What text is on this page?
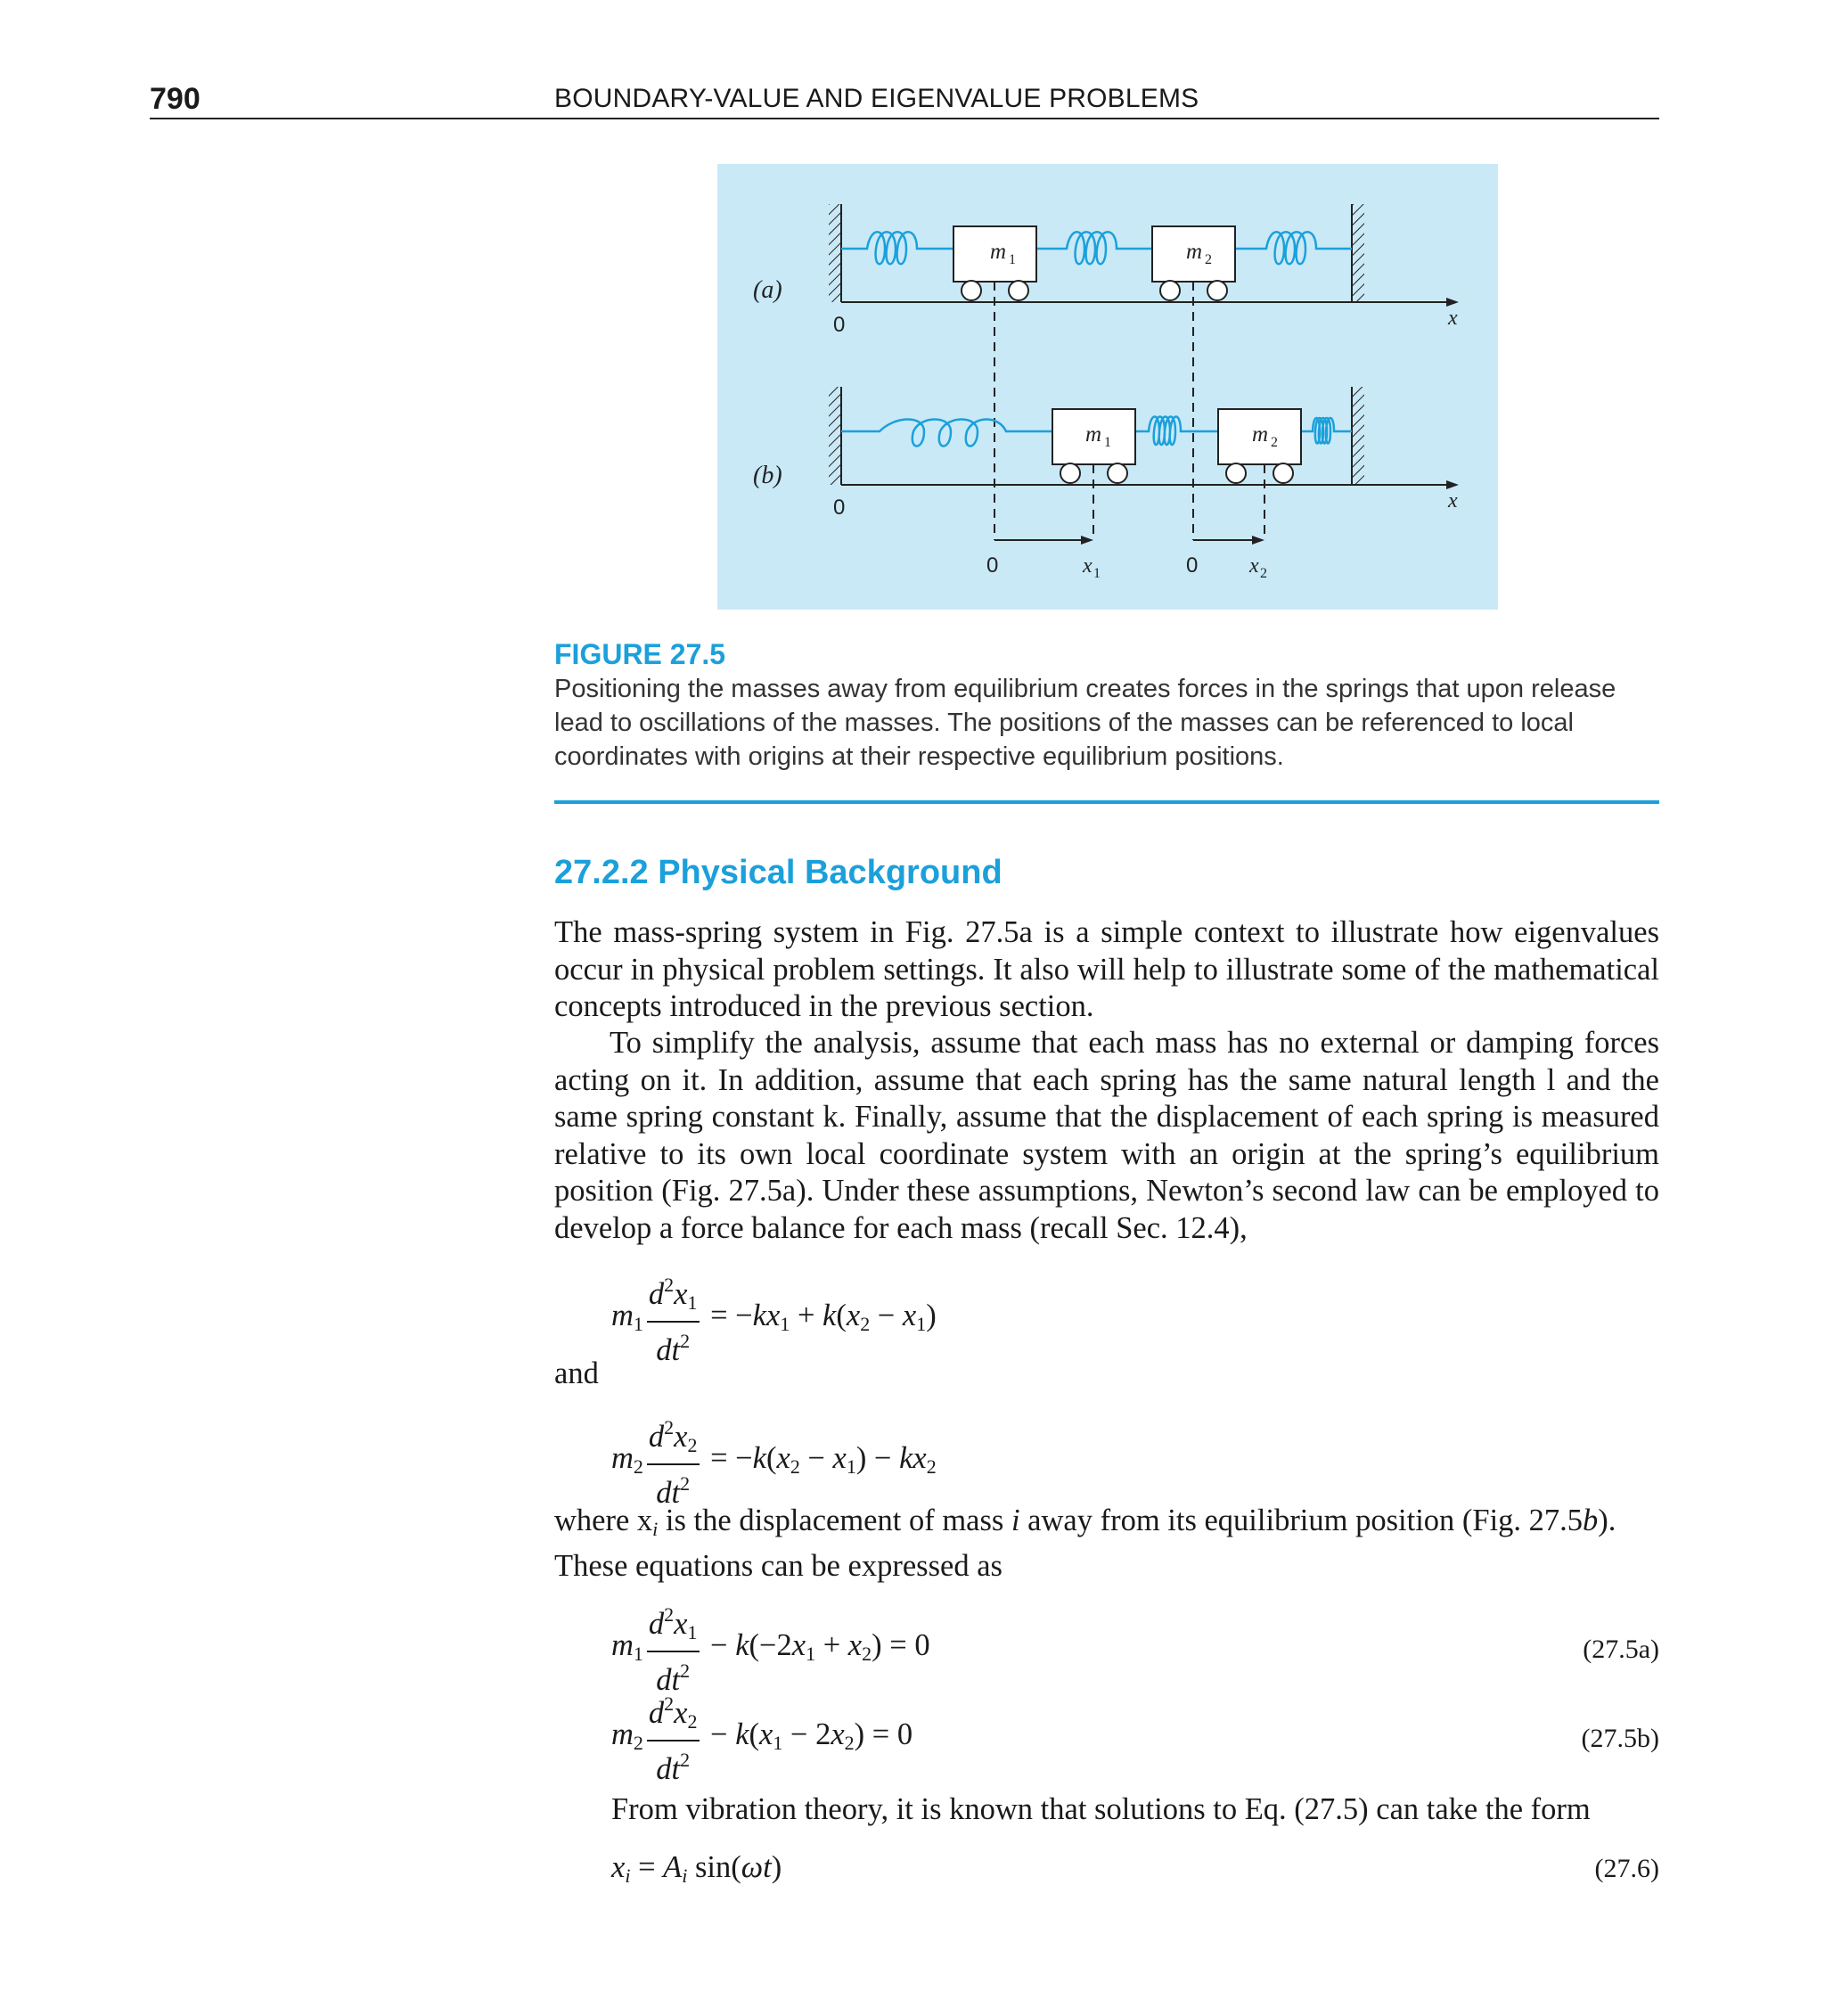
790	BOUNDARY-VALUE AND EIGENVALUE PROBLEMS
m 1	m 2
(a)
0	x
m 1	m 2
(b)
0	x
0	x 1	0 x 2
FIGURE 27.5
Positioning the masses away from equilibrium creates forces in the springs that upon release lead to oscillations of the masses. The positions of the masses can be referenced to local coordinates with origins at their respective equilibrium positions.
27.2.2 Physical Background
The mass-spring system in Fig. 27.5a is a simple context to illustrate how eigenvalues occur in physical problem settings. It also will help to illustrate some of the mathematical concepts introduced in the previous section.
To simplify the analysis, assume that each mass has no external or damping forces acting on it. In addition, assume that each spring has the same natural length l and the same spring constant k. Finally, assume that the displacement of each spring is measured relative to its own local coordinate system with an origin at the spring’s equilibrium position (Fig. 27.5a). Under these assumptions, Newton’s second law can be employed to develop a force balance for each mass (recall Sec. 12.4),
$m_1 \frac{d^2x_1}{dt^2} = -kx_1 + k(x_2 - x_1)$
and
$m_2 \frac{d^2x_2}{dt^2} = -k(x_2 - x_1) - kx_2$
where $x_i$ is the displacement of mass i away from its equilibrium position (Fig. 27.5b).
These equations can be expressed as
$m_1 \frac{d^2x_1}{dt^2} - k(-2x_1 + x_2) = 0$	(27.5a)
$m_2 \frac{d^2x_2}{dt^2} - k(x_1 - 2x_2) = 0$	(27.5b)
From vibration theory, it is known that solutions to Eq. (27.5) can take the form
$x_i = A_i$ sin(ωt)	(27.6)
